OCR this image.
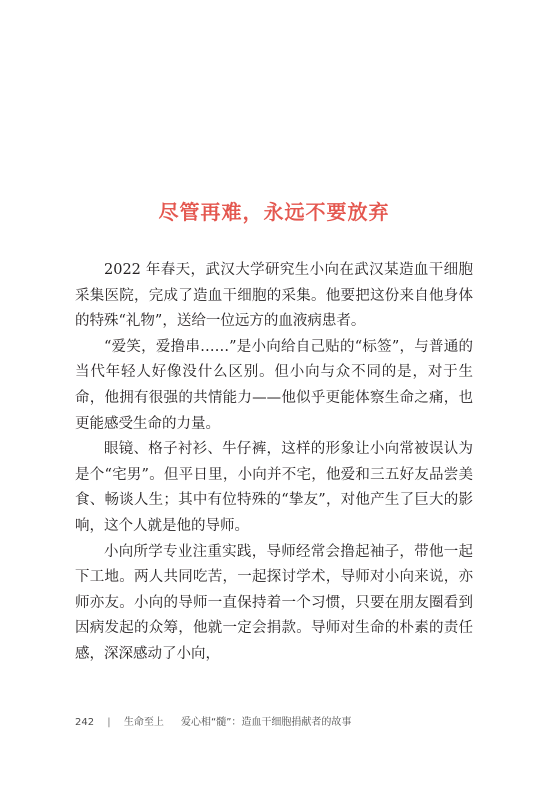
尽管再难，永远不要放弃

2022 年春天，武汉大学研究生小向在武汉某造血干细胞采集医院，完成了造血干细胞的采集。他要把这份来自他身体的特殊“礼物”，送给一位远方的血液病患者。

“爱笑，爱撸串……”是小向给自己贴的“标签”，与普通的当代年轻人好像没什么区别。但小向与众不同的是，对于生命，他拥有很强的共情能力——他似乎更能体察生命之痛，也更能感受生命的力量。

眼镜、格子衬衫、牛仔裤，这样的形象让小向常被误认为是个“宅男”。但平日里，小向并不宅，他爱和三五好友品尝美食、畅谈人生；其中有位特殊的“挚友”，对他产生了巨大的影响，这个人就是他的导师。

小向所学专业注重实践，导师经常会撸起袖子，带他一起下工地。两人共同吃苦，一起探讨学术，导师对小向来说，亦师亦友。小向的导师一直保持着一个习惯，只要在朋友圈看到因病发起的众筹，他就一定会捐款。导师对生命的朴素的责任感，深深感动了小向，

242 | 生命至上 爱心相“髓”：造血干细胞捐献者的故事
